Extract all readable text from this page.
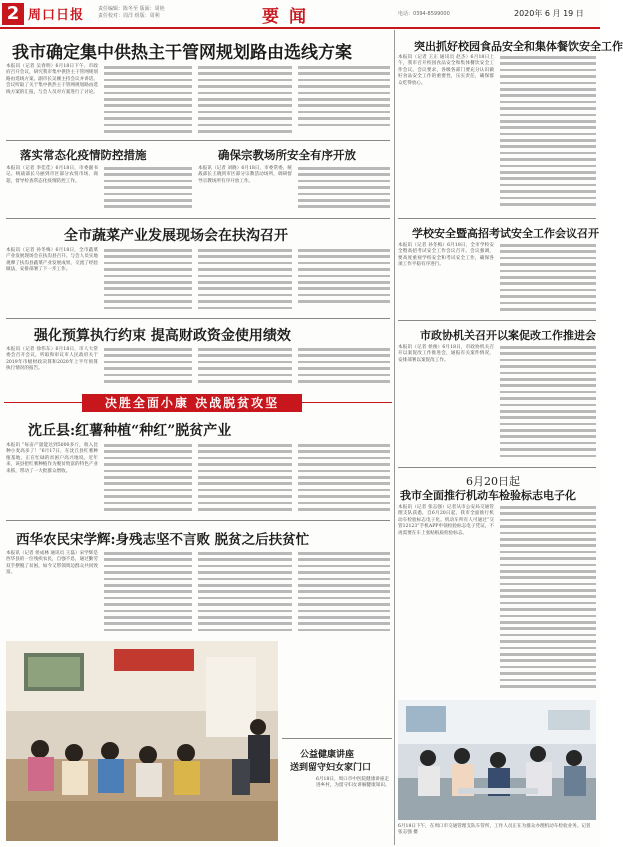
2 周口日报	责任编辑：陈冬至 版面：周艳
责任校对：周洋 组版：周利	要闻	电话：0394-8599000	2020年 6 月 19 日
我市确定集中供热主干管网规划路由选线方案
本报讯（记者 吴春明）6月18日下午，市政府召开会议，研究我市集中供热主干管网规划路由选线方案。副市长吴刚主持会议并讲话。会议听取了关于集中供热主干管网规划路由选线方案的汇报，与会人员对方案进行了讨论。
落实常态化疫情防控措施
本报讯（记者 李佳佳）6月18日，市委副书记、统战部长马丽到市区部分农贸市场、商超，督导检查常态化疫情防控工作。
确保宗教场所安全有序开放
本报讯（记者 刘晓）6月18日，市委常委、统战部长王晓到市区部分宗教活动场所，调研督导宗教场所有序开放工作。
全市蔬菜产业发展现场会在扶沟召开
本报讯（记者 孙冬梅）6月18日，全市蔬菜产业发展现场会在扶沟县召开。与会人员实地观摩了扶沟县蔬菜产业发展成果，交流了经验做法，安排部署了下一步工作。
强化预算执行约束 提高财政资金使用绩效
本报讯（记者 徐伟东）6月18日，市人大常委会召开会议，听取和审议市人民政府关于2019年市级财政决算和2020年上半年预算执行情况的报告。
决胜全面小康 决战脱贫攻坚
沈丘县:红薯种植“种红”脱贫产业
本报讯 “每亩产量能达到5000多斤，收入比种小麦高多了！”6月17日，在沈丘县红薯种植基地，正在忙碌的贫困户高兴地说。近年来，该县把红薯种植作为脱贫致富的特色产业来抓，带动了一大批群众增收。
西华农民宋学辉:身残志坚不言败 脱贫之后扶贫忙
本报讯（记者 侯成林 通讯员 王磊）宋学辉是西华县的一位残疾农民，自强不息，通过勤劳双手摆脱了贫困，如今又带领周边群众共同致富。
公益健康讲座
送到留守妇女家门口
6月18日，周口市中医院健康讲座走进乡村，为留守妇女讲解健康知识。
突出抓好校园食品安全和集体餐饮安全工作
本报讯（记者 王正 通讯员 赵杰）6月18日上午，我市召开校园食品安全和集体餐饮安全工作会议。会议要求，各级各部门要充分认识做好食品安全工作的重要性，压实责任，确保群众吃得放心。
学校安全暨高招考试安全工作会议召开
本报讯（记者 孙冬梅）6月18日，全市学校安全暨高招考试安全工作会议召开。会议强调，要高度重视学校安全和考试安全工作，确保各项工作平稳有序进行。
市政协机关召开以案促改工作推进会
本报讯（记者 侯俊）6月18日，市政协机关召开以案促改工作推进会，通报有关案件情况，安排部署以案促改工作。
6月20日起
我市全面推行机动车检验标志电子化
本报讯（记者 张志强）记者从市公安局交通管理支队获悉，自6月20日起，我市全面推行机动车检验标志电子化。机动车所有人可通过“交管12123”手机APP申领检验标志电子凭证，不再需要在车上张贴纸质检验标志。
6月18日下午，在周口市交通管理支队车管所，工作人员正在为群众办理机动车检验业务。记者 张志强 摄
